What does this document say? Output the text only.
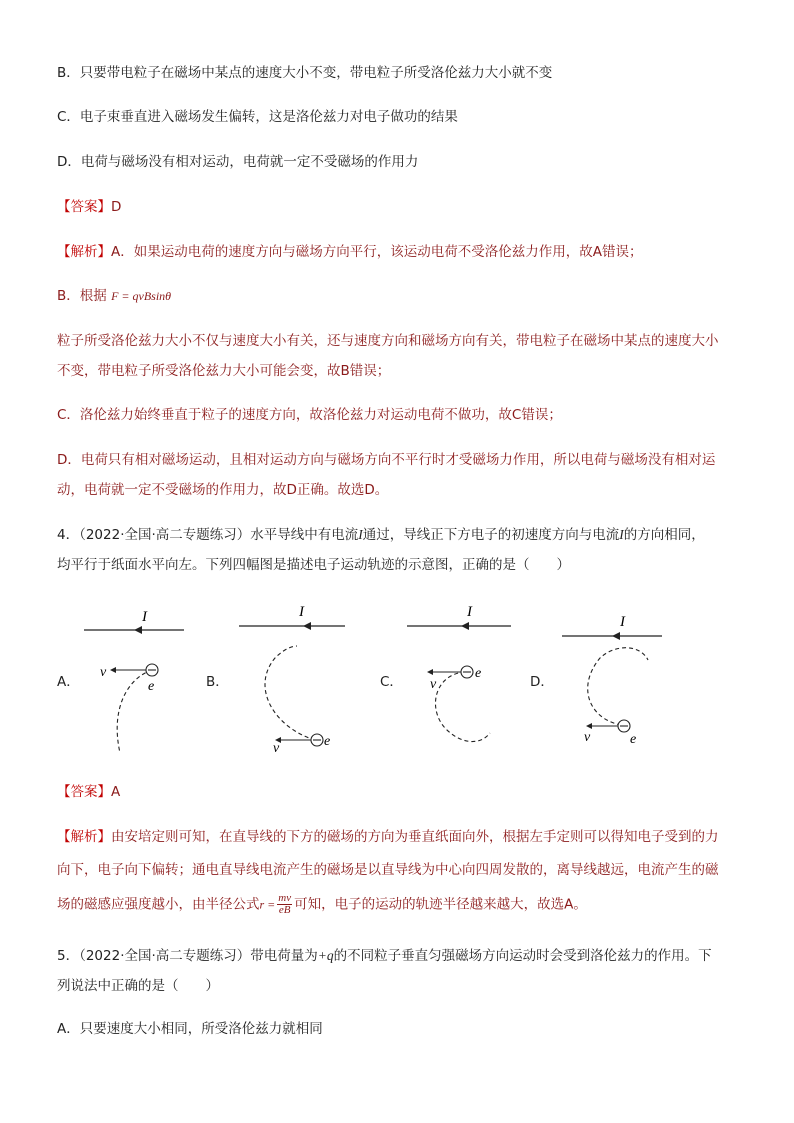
B．只要带电粒子在磁场中某点的速度大小不变，带电粒子所受洛伦兹力大小就不变
C．电子束垂直进入磁场发生偏转，这是洛伦兹力对电子做功的结果
D．电荷与磁场没有相对运动，电荷就一定不受磁场的作用力
【答案】D
【解析】A．如果运动电荷的速度方向与磁场方向平行，该运动电荷不受洛伦兹力作用，故A错误；
B．根据 F = qvBsinθ
粒子所受洛伦兹力大小不仅与速度大小有关，还与速度方向和磁场方向有关，带电粒子在磁场中某点的速度大小
不变，带电粒子所受洛伦兹力大小可能会变，故B错误；
C．洛伦兹力始终垂直于粒子的速度方向，故洛伦兹力对运动电荷不做功，故C错误；
D．电荷只有相对磁场运动，且相对运动方向与磁场方向不平行时才受磁场力作用，所以电荷与磁场没有相对运
动，电荷就一定不受磁场的作用力，故D正确。故选D。
4．（2022·全国·高二专题练习）水平导线中有电流I通过，导线正下方电子的初速度方向与电流I的方向相同，
均平行于纸面水平向左。下列四幅图是描述电子运动轨迹的示意图，正确的是（　　）
A．	B．	C．	D．
I
v
e
I
v	e
I
v
e
I
v	e
【答案】A
【解析】由安培定则可知，在直导线的下方的磁场的方向为垂直纸面向外，根据左手定则可以得知电子受到的力
向下，电子向下偏转；通电直导线电流产生的磁场是以直导线为中心向四周发散的，离导线越远，电流产生的磁
场的磁感应强度越小，由半径公式$r = \frac{mv}{eB}$ 可知，电子的运动的轨迹半径越来越大，故选A。
5．（2022·全国·高二专题练习）带电荷量为+q的不同粒子垂直匀强磁场方向运动时会受到洛伦兹力的作用。下
列说法中正确的是（　　）
A．只要速度大小相同，所受洛伦兹力就相同
